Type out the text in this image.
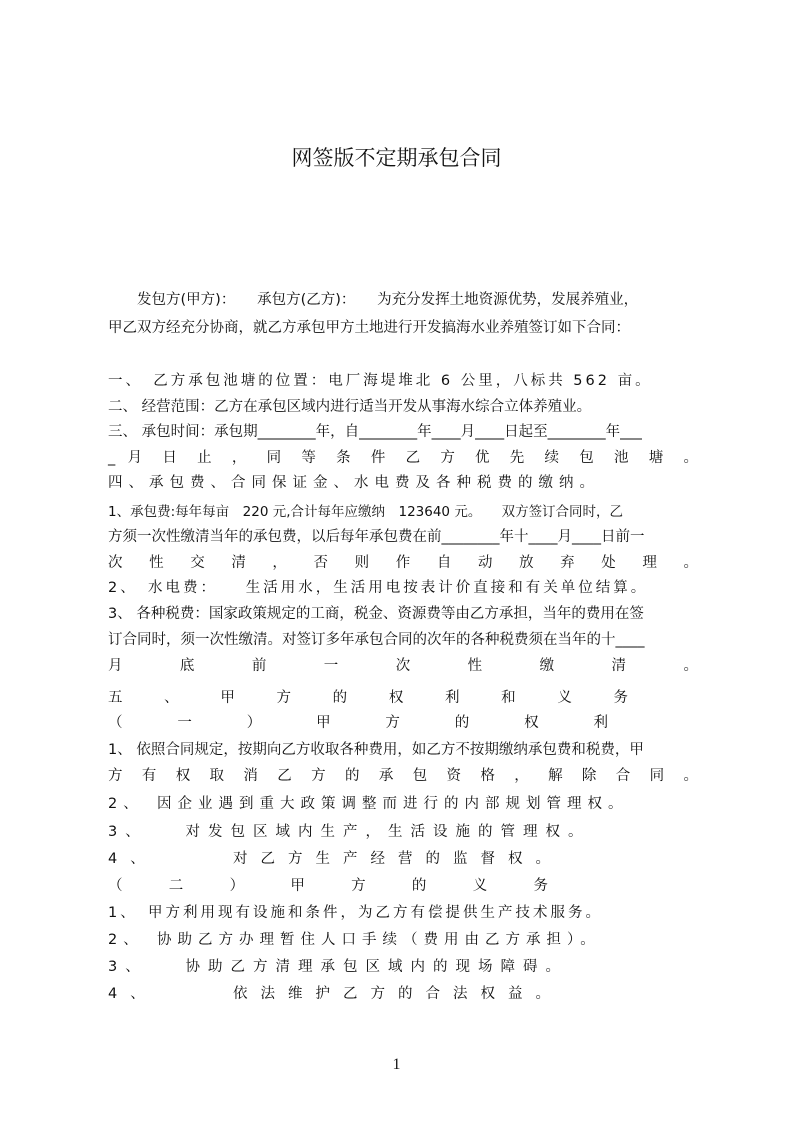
网签版不定期承包合同
　　发包方(甲方)：　　承包方(乙方)：　　为充分发挥土地资源优势，发展养殖业，
甲乙双方经充分协商，就乙方承包甲方土地进行开发搞海水业养殖签订如下合同：
一、　乙方承包池塘的位置：电厂海堤堆北 6 公里，八标共 562 亩。
二、 经营范围：乙方在承包区域内进行适当开发从事海水综合立体养殖业。
三、 承包时间：承包期________年，自________年____月____日起至________年___
_ 月 日 止 ， 同 等 条 件 乙 方 优 先 续 包 池 塘 。
四、承包费、合同保证金、水电费及各种税费的缴纳。
1、承包费:每年每亩　220 元,合计每年应缴纳　123640 元。　　双方签订合同时，乙
方须一次性缴清当年的承包费，以后每年承包费在前________年十____月____日前一
次 性 交 清 ， 否 则 作 自 动 放 弃 处 理 。
2、　水电费：　　生活用水，生活用电按表计价直接和有关单位结算。
3、 各种税费：国家政策规定的工商，税金、资源费等由乙方承担，当年的费用在签
订合同时，须一次性缴清。对签订多年承包合同的次年的各种税费须在当年的十____
月 底 前 一 次 性 缴 清 。
五 、 甲 方 的 权 利 和 义 务
（ 一 ） 甲 方 的 权 利
1、 依照合同规定，按期向乙方收取各种费用，如乙方不按期缴纳承包费和税费，甲
方 有 权 取 消 乙 方 的 承 包 资 格 ， 解 除 合 同 。
2、　因企业遇到重大政策调整而进行的内部规划管理权。
3、　　对发包区域内生产，生活设施的管理权。
4、　　　对乙方生产经营的监督权。
（ 二 ） 甲 方 的 义 务
1、　甲方利用现有设施和条件，为乙方有偿提供生产技术服务。
2、　协助乙方办理暂住人口手续（费用由乙方承担）。
3、　　协助乙方清理承包区域内的现场障碍。
4、　　　依法维护乙方的合法权益。
1
